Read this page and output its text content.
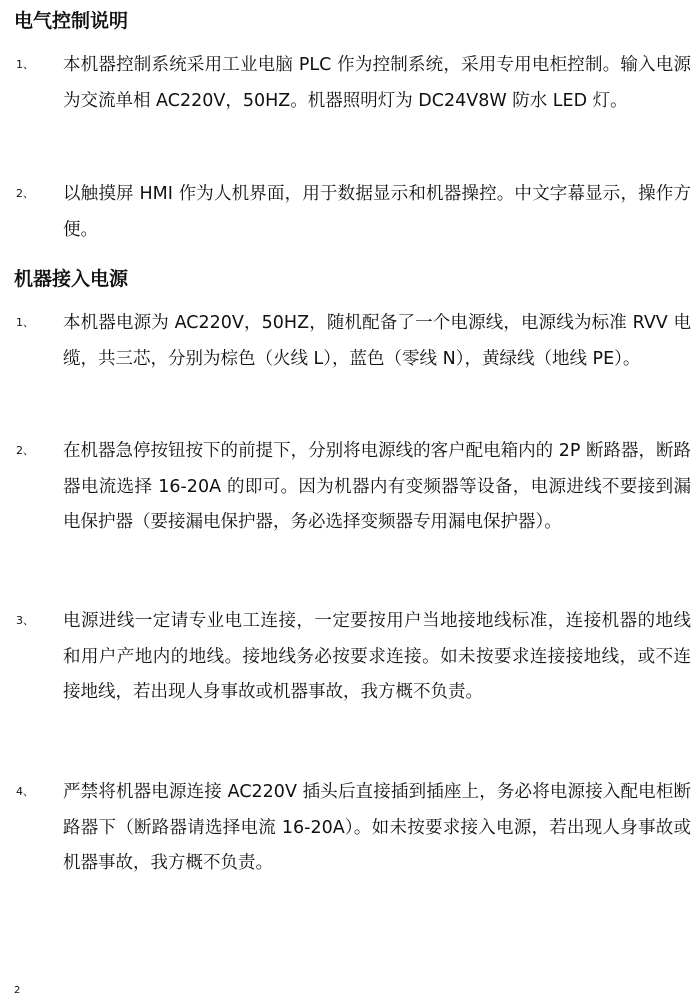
电气控制说明
1、 本机器控制系统采用工业电脑 PLC 作为控制系统，采用专用电柜控制。输入电源为交流单相 AC220V，50HZ。机器照明灯为 DC24V8W 防水 LED 灯。

2、 以触摸屏 HMI 作为人机界面，用于数据显示和机器操控。中文字幕显示，操作方便。

机器接入电源
1、 本机器电源为 AC220V，50HZ，随机配备了一个电源线，电源线为标准 RVV 电缆，共三芯，分别为棕色（火线 L），蓝色（零线 N），黄绿线（地线 PE）。

2、 在机器急停按钮按下的前提下，分别将电源线的客户配电箱内的 2P 断路器，断路器电流选择 16-20A 的即可。因为机器内有变频器等设备，电源进线不要接到漏电保护器（要接漏电保护器，务必选择变频器专用漏电保护器）。

3、 电源进线一定请专业电工连接，一定要按用户当地接地线标准，连接机器的地线和用户产地内的地线。接地线务必按要求连接。如未按要求连接接地线，或不连接地线，若出现人身事故或机器事故，我方概不负责。

4、 严禁将机器电源连接 AC220V 插头后直接插到插座上，务必将电源接入配电柜断路器下（断路器请选择电流 16-20A）。如未按要求接入电源，若出现人身事故或机器事故，我方概不负责。

2
